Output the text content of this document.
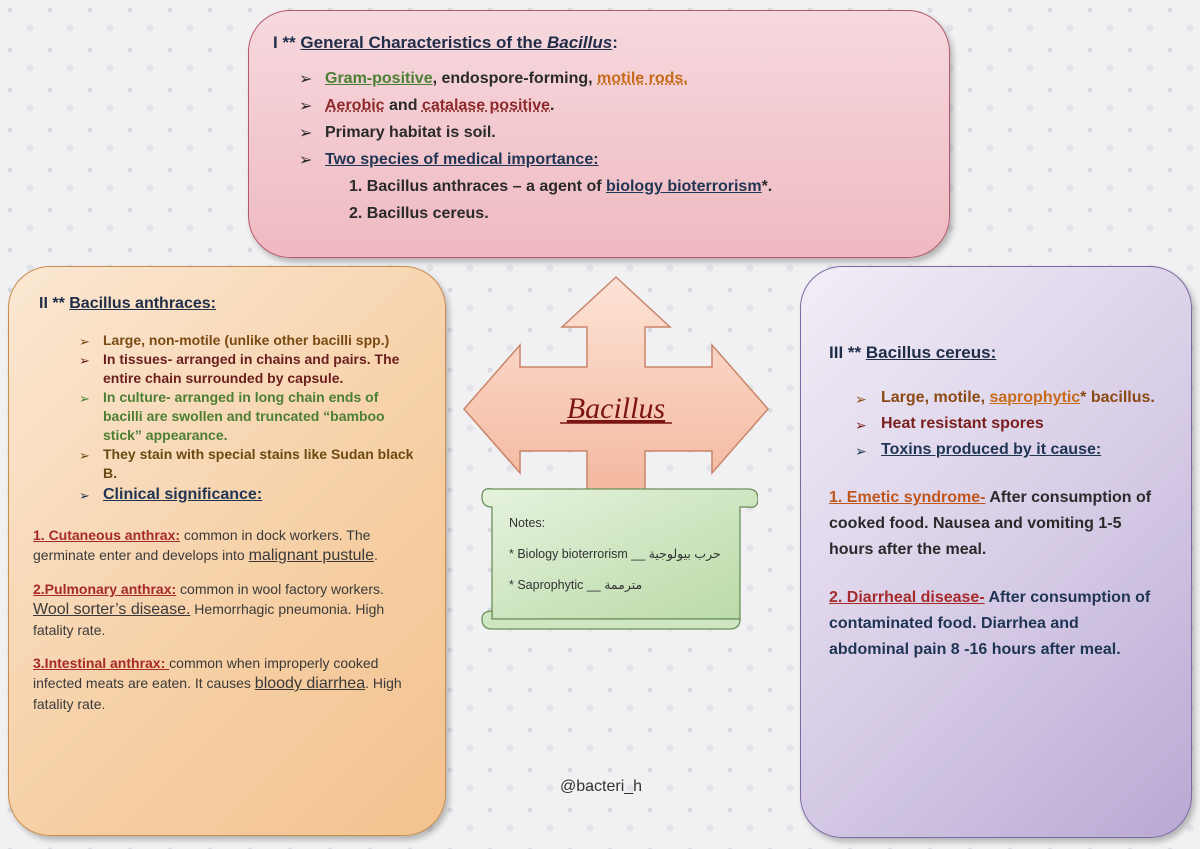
I ** General Characteristics of the Bacillus:

➢ Gram-positive, endospore-forming, motile rods.
➢ Aerobic and catalase positive.
➢ Primary habitat is soil.
➢ Two species of medical importance:
1. Bacillus anthraces – a agent of biology bioterrorism*.
2. Bacillus cereus.

II ** Bacillus anthraces:

➢ Large, non-motile (unlike other bacilli spp.)
➢ In tissues- arranged in chains and pairs. The entire chain surrounded by capsule.
➢ In culture- arranged in long chain ends of bacilli are swollen and truncated “bamboo stick” appearance.
➢ They stain with special stains like Sudan black B.
➢ Clinical significance:

1. Cutaneous anthrax: common in dock workers. The germinate enter and develops into malignant pustule.

2.Pulmonary anthrax: common in wool factory workers. Wool sorter’s disease. Hemorrhagic pneumonia. High fatality rate.

3.Intestinal anthrax: common when improperly cooked infected meats are eaten. It causes bloody diarrhea. High fatality rate.

III ** Bacillus cereus:

➢ Large, motile, saprophytic* bacillus.
➢ Heat resistant spores
➢ Toxins produced by it cause:

1. Emetic syndrome- After consumption of cooked food. Nausea and vomiting 1-5 hours after the meal.

2. Diarrheal disease- After consumption of contaminated food. Diarrhea and abdominal pain 8 -16 hours after meal.

Bacillus

Notes:

* Biology bioterrorism __ حرب بيولوجية

* Saprophytic __ مترممة

@bacteri_h
